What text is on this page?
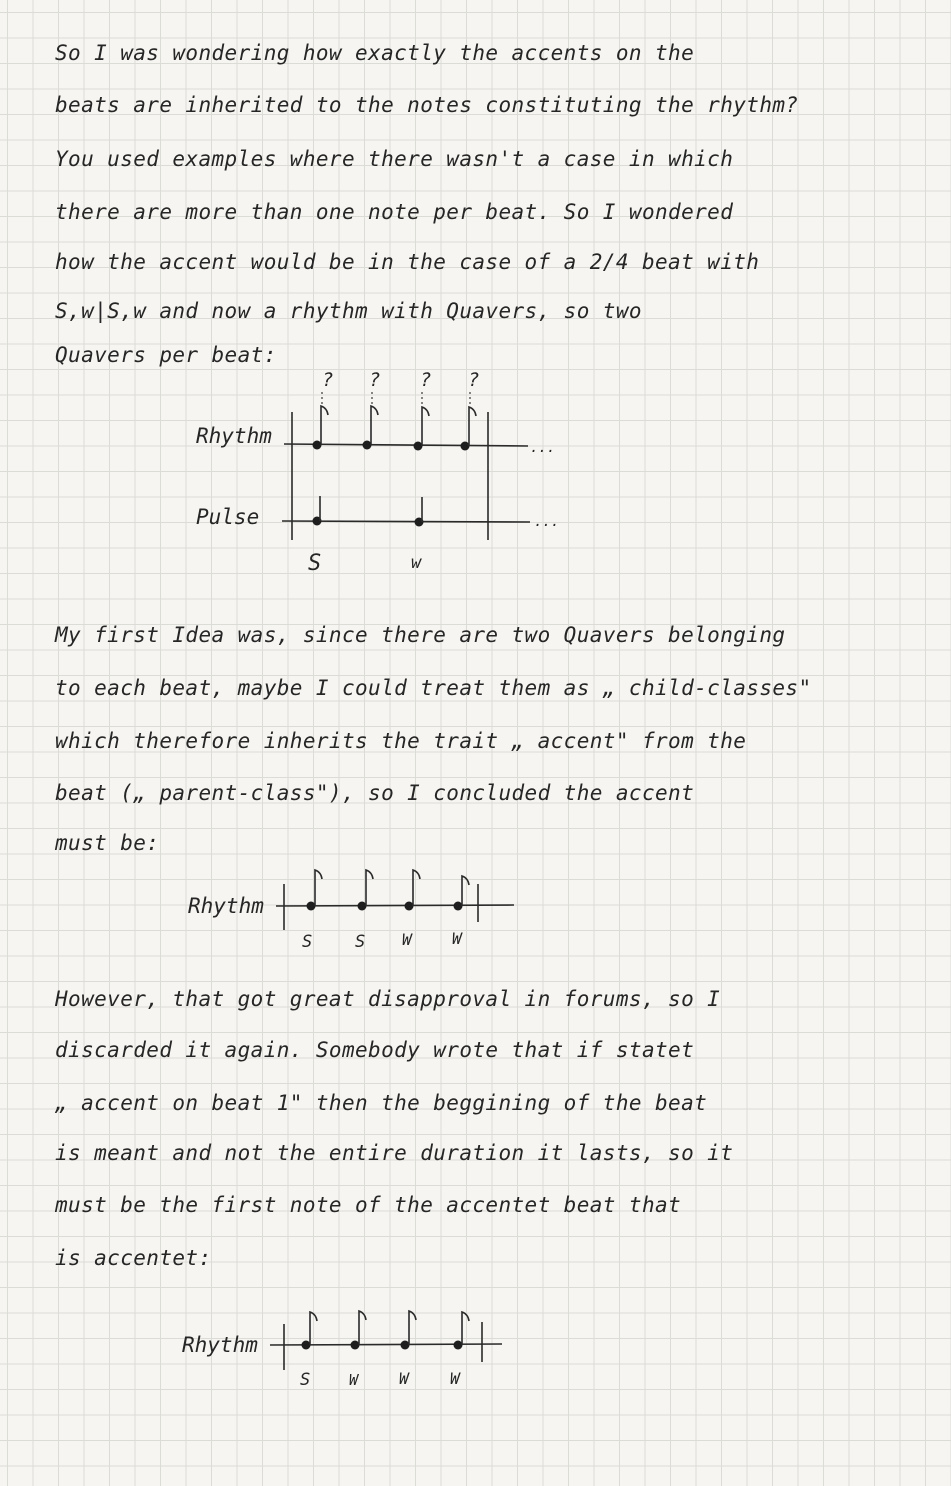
So I was wondering how exactly the accents on the
beats are inherited to the notes constituting the rhythm?
You used examples where there wasn't a case in which
there are more than one note per beat. So I wondered
how the accent would be in the case of a 2/4 beat with
S,w|S,w and now a rhythm with Quavers, so two
Quavers per beat:
? ? ? ?
Rhythm
Pulse
...
...
S	w
My first Idea was, since there are two Quavers belonging
to each beat, maybe I could treat them as „ child-classes"
which therefore inherits the trait „ accent" from the
beat („ parent-class"), so I concluded the accent
must be:
Rhythm
S	S W	W
However, that got great disapproval in forums, so I
discarded it again. Somebody wrote that if statet
„ accent on beat 1" then the beggining of the beat
is meant and not the entire duration it lasts, so it
must be the first note of the accentet beat that
is accentet:
Rhythm
S	W	W	W
